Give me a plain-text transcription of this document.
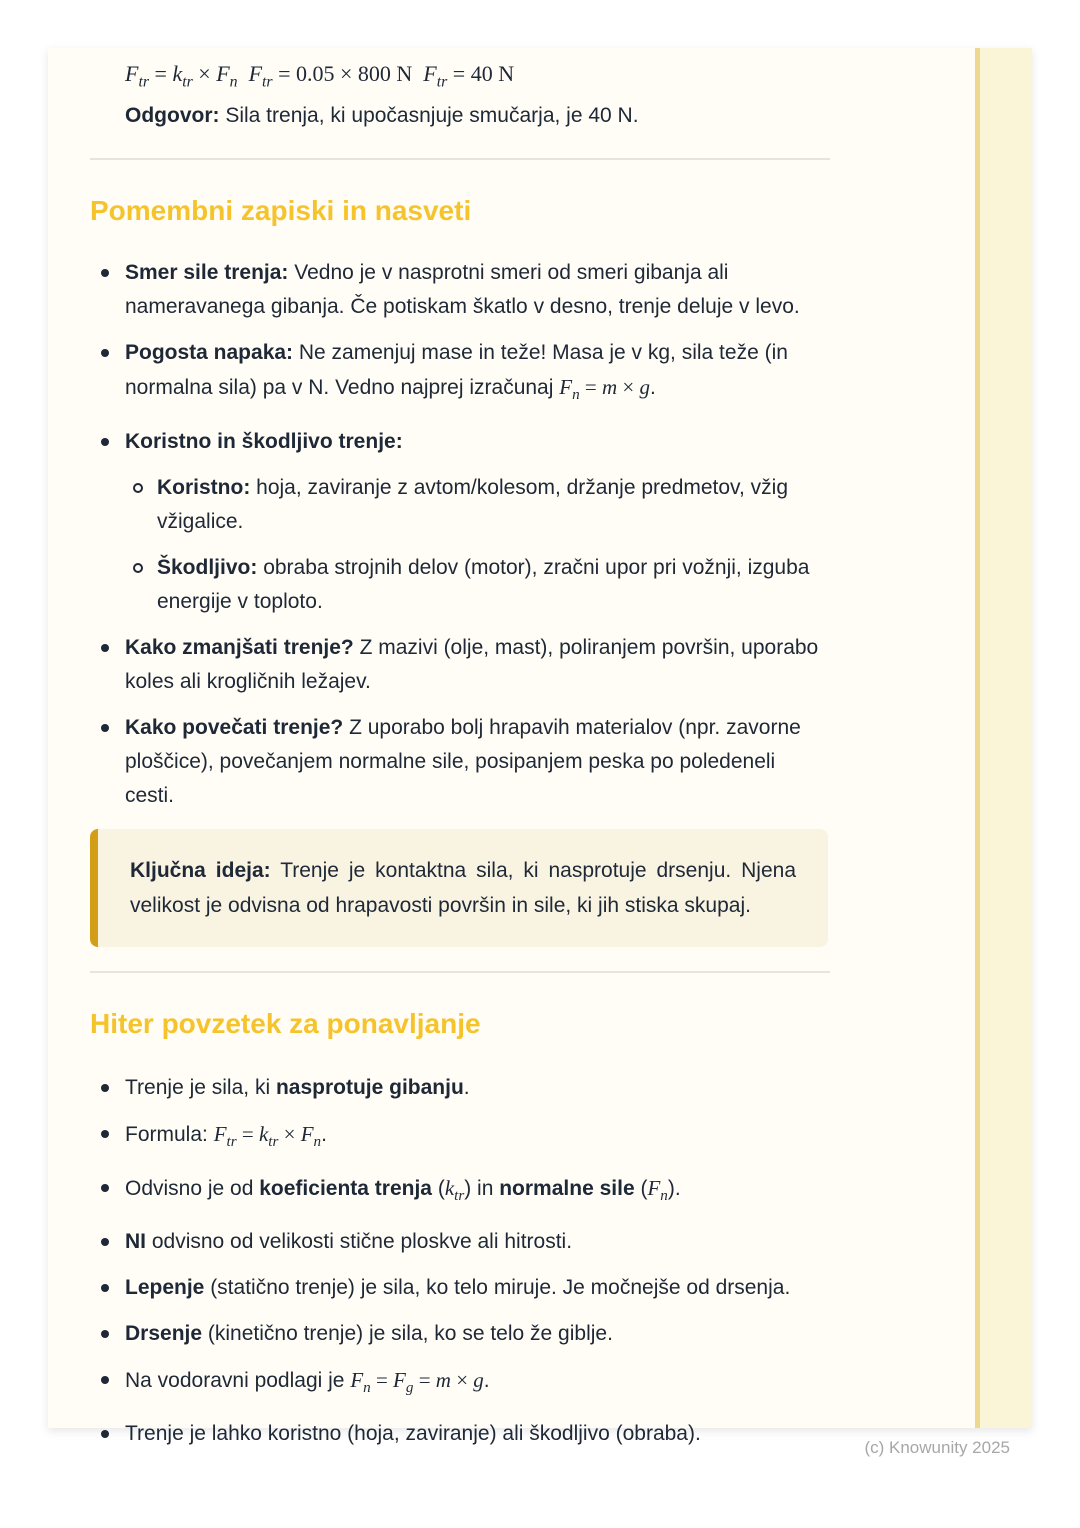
$F_{tr} = k_{tr} \times F_n$ $F_{tr} = 0.05 \times 800$ N  $F_{tr} = 40$ N
Odgovor: Sila trenja, ki upočasnjuje smučarja, je 40 N.
Pomembni zapiski in nasveti
Smer sile trenja: Vedno je v nasprotni smeri od smeri gibanja ali nameravanega gibanja. Če potiskam škatlo v desno, trenje deluje v levo.
Pogosta napaka: Ne zamenjuj mase in teže! Masa je v kg, sila teže (in normalna sila) pa v N. Vedno najprej izračunaj $F_n = m \times g$.
Koristno in škodljivo trenje:
Koristno: hoja, zaviranje z avtom/kolesom, držanje predmetov, vžig vžigalice.
Škodljivo: obraba strojnih delov (motor), zračni upor pri vožnji, izguba energije v toploto.
Kako zmanjšati trenje? Z mazivi (olje, mast), poliranjem površin, uporabo koles ali krogličnih ležajev.
Kako povečati trenje? Z uporabo bolj hrapavih materialov (npr. zavorne ploščice), povečanjem normalne sile, posipanjem peska po poledeneli cesti.
Ključna ideja: Trenje je kontaktna sila, ki nasprotuje drsenju. Njena velikost je odvisna od hrapavosti površin in sile, ki jih stiska skupaj.
Hiter povzetek za ponavljanje
Trenje je sila, ki nasprotuje gibanju.
Formula: $F_{tr} = k_{tr} \times F_n$.
Odvisno je od koeficienta trenja $(k_{tr})$ in normalne sile $(F_n)$.
NI odvisno od velikosti stične ploskve ali hitrosti.
Lepenje (statično trenje) je sila, ko telo miruje. Je močnejše od drsenja.
Drsenje (kinetično trenje) je sila, ko se telo že giblje.
Na vodoravni podlagi je $F_n = F_g = m \times g$.
Trenje je lahko koristno (hoja, zaviranje) ali škodljivo (obraba).
(c) Knowunity 2025
